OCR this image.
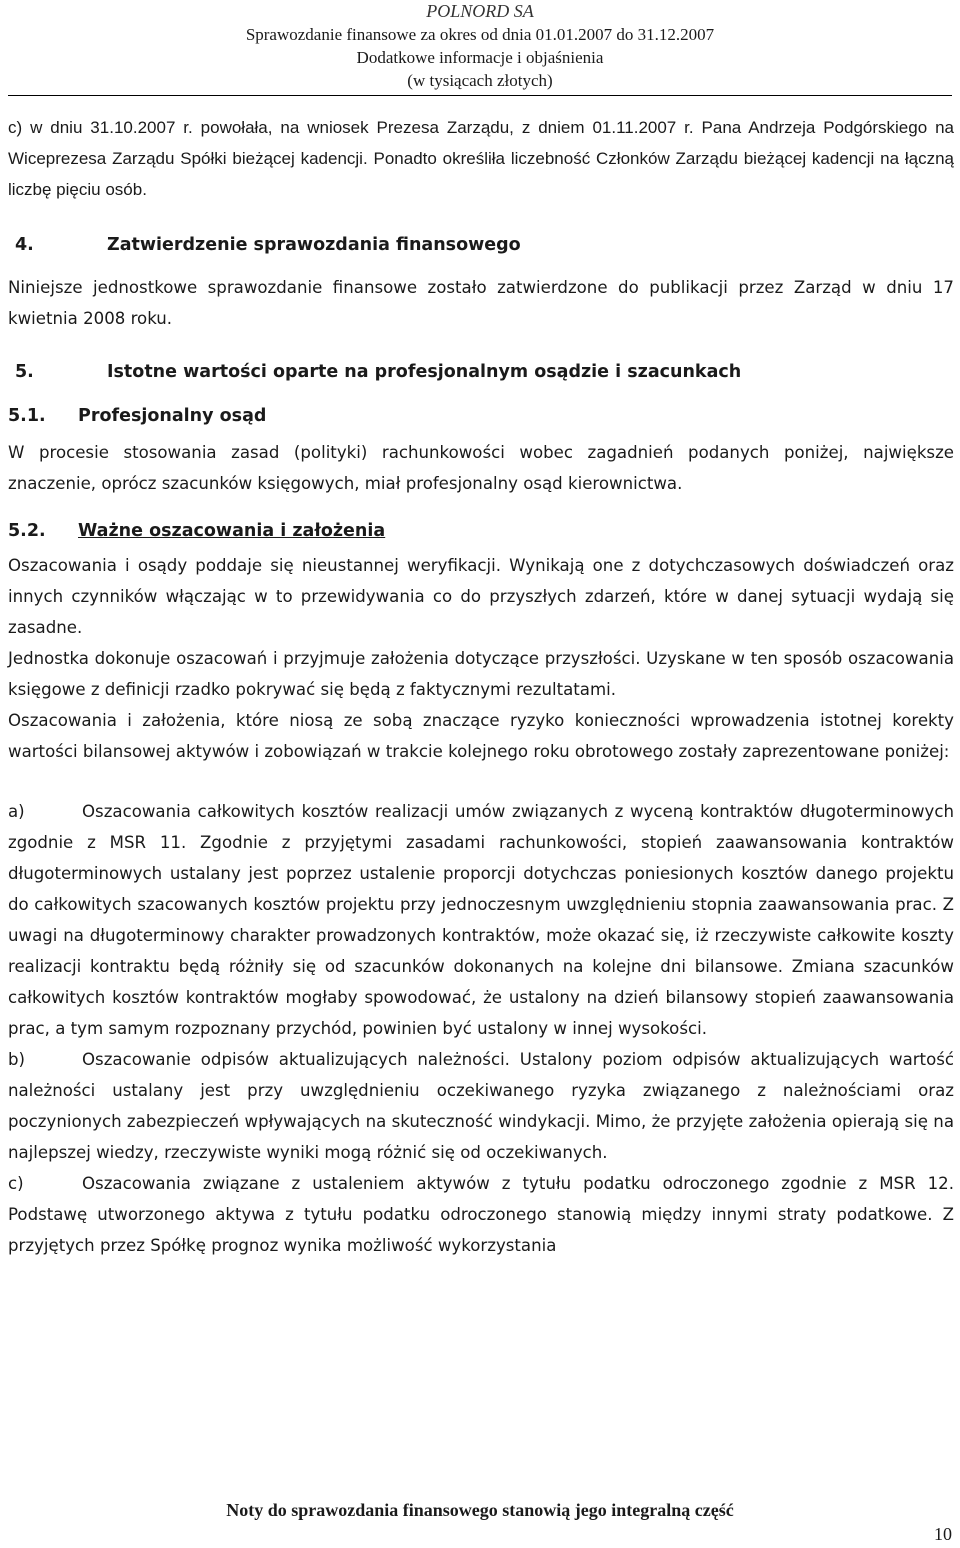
POLNORD SA
Sprawozdanie finansowe za okres od dnia 01.01.2007 do 31.12.2007
Dodatkowe informacje i objaśnienia
(w tysiącach złotych)

c) w dniu 31.10.2007 r. powołała, na wniosek Prezesa Zarządu, z dniem 01.11.2007 r. Pana Andrzeja Podgórskiego na Wiceprezesa Zarządu Spółki bieżącej kadencji. Ponadto określiła liczebność Członków Zarządu bieżącej kadencji na łączną liczbę pięciu osób.

4.	Zatwierdzenie sprawozdania finansowego

Niniejsze jednostkowe sprawozdanie finansowe zostało zatwierdzone do publikacji przez Zarząd w dniu 17 kwietnia 2008 roku.

5.	Istotne wartości oparte na profesjonalnym osądzie i szacunkach
5.1. Profesjonalny osąd

W procesie stosowania zasad (polityki) rachunkowości wobec zagadnień podanych poniżej, największe znaczenie, oprócz szacunków księgowych, miał profesjonalny osąd kierownictwa.

5.2. Ważne oszacowania i założenia

Oszacowania i osądy poddaje się nieustannej weryfikacji. Wynikają one z dotychczasowych doświadczeń oraz innych czynników włączając w to przewidywania co do przyszłych zdarzeń, które w danej sytuacji wydają się zasadne.

Jednostka dokonuje oszacowań i przyjmuje założenia dotyczące przyszłości. Uzyskane w ten sposób oszacowania księgowe z definicji rzadko pokrywać się będą z faktycznymi rezultatami.

Oszacowania i założenia, które niosą ze sobą znaczące ryzyko konieczności wprowadzenia istotnej korekty wartości bilansowej aktywów i zobowiązań w trakcie kolejnego roku obrotowego zostały zaprezentowane poniżej:

a)	Oszacowania całkowitych kosztów realizacji umów związanych z wyceną kontraktów długoterminowych zgodnie z MSR 11. Zgodnie z przyjętymi zasadami rachunkowości, stopień zaawansowania kontraktów długoterminowych ustalany jest poprzez ustalenie proporcji dotychczas poniesionych kosztów danego projektu do całkowitych szacowanych kosztów projektu przy jednoczesnym uwzględnieniu stopnia zaawansowania prac. Z uwagi na długoterminowy charakter prowadzonych kontraktów, może okazać się, iż rzeczywiste całkowite koszty realizacji kontraktu będą różniły się od szacunków dokonanych na kolejne dni bilansowe. Zmiana szacunków całkowitych kosztów kontraktów mogłaby spowodować, że ustalony na dzień bilansowy stopień zaawansowania prac, a tym samym rozpoznany przychód, powinien być ustalony w innej wysokości.

b)	Oszacowanie odpisów aktualizujących należności. Ustalony poziom odpisów aktualizujących wartość należności ustalany jest przy uwzględnieniu oczekiwanego ryzyka związanego z należnościami oraz poczynionych zabezpieczeń wpływających na skuteczność windykacji. Mimo, że przyjęte założenia opierają się na najlepszej wiedzy, rzeczywiste wyniki mogą różnić się od oczekiwanych.

c)	Oszacowania związane z ustaleniem aktywów z tytułu podatku odroczonego zgodnie z MSR 12. Podstawę utworzonego aktywa z tytułu podatku odroczonego stanowią między innymi straty podatkowe. Z przyjętych przez Spółkę prognoz wynika możliwość wykorzystania

Noty do sprawozdania finansowego stanowią jego integralną część
10
